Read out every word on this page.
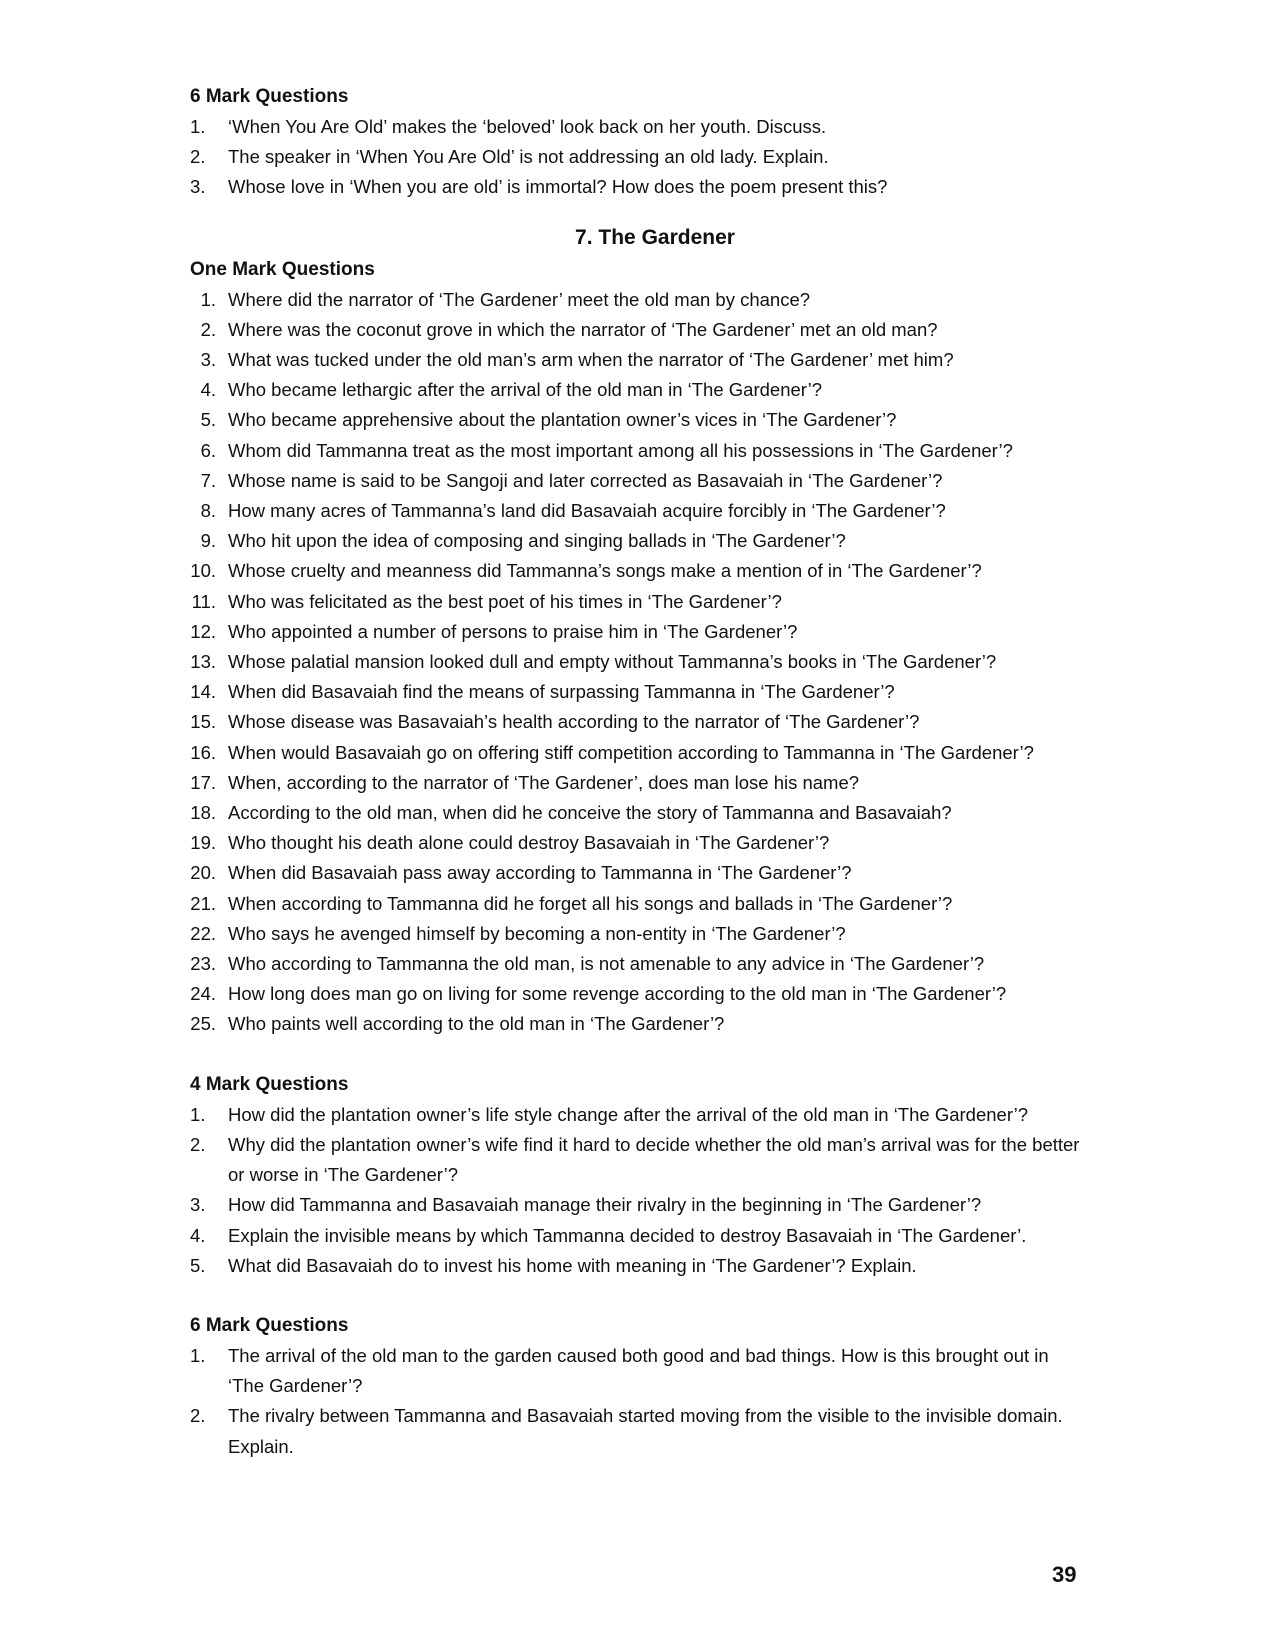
6 Mark Questions
1.	‘When You Are Old’ makes the ‘beloved’ look back on her youth. Discuss.
2.	The speaker in ‘When You Are Old’ is not addressing an old lady. Explain.
3.	Whose love in ‘When you are old’ is immortal? How does the poem present this?
7. The Gardener
One Mark Questions
1. Where did the narrator of ‘The Gardener’ meet the old man by chance?
2. Where was the coconut grove in which the narrator of ‘The Gardener’ met an old man?
3. What was tucked under the old man’s arm when the narrator of ‘The Gardener’ met him?
4. Who became lethargic after the arrival of the old man in ‘The Gardener’?
5. Who became apprehensive about the plantation owner’s vices in ‘The Gardener’?
6. Whom did Tammanna treat as the most important among all his possessions in ‘The Gardener’?
7. Whose name is said to be Sangoji and later corrected as Basavaiah in ‘The Gardener’?
8. How many acres of Tammanna’s land did Basavaiah acquire forcibly in ‘The Gardener’?
9. Who hit upon the idea of composing and singing ballads in ‘The Gardener’?
10. Whose cruelty and meanness did Tammanna’s songs make a mention of in ‘The Gardener’?
11. Who was felicitated as the best poet of his times in ‘The Gardener’?
12. Who appointed a number of persons to praise him in ‘The Gardener’?
13. Whose palatial mansion looked dull and empty without Tammanna’s books in ‘The Gardener’?
14. When did Basavaiah find the means of surpassing Tammanna in ‘The Gardener’?
15. Whose disease was Basavaiah’s health according to the narrator of ‘The Gardener’?
16. When would Basavaiah go on offering stiff competition according to Tammanna in ‘The Gardener’?
17. When, according to the narrator of ‘The Gardener’, does man lose his name?
18. According to the old man, when did he conceive the story of Tammanna and Basavaiah?
19. Who thought his death alone could destroy Basavaiah in ‘The Gardener’?
20. When did Basavaiah pass away according to Tammanna in ‘The Gardener’?
21. When according to Tammanna did he forget all his songs and ballads in ‘The Gardener’?
22. Who says he avenged himself by becoming a non-entity in ‘The Gardener’?
23. Who according to Tammanna the old man, is not amenable to any advice in ‘The Gardener’?
24. How long does man go on living for some revenge according to the old man in ‘The Gardener’?
25. Who paints well according to the old man in ‘The Gardener’?
4 Mark Questions
1.	How did the plantation owner’s life style change after the arrival of the old man in ‘The Gardener’?
2.	Why did the plantation owner’s wife find it hard to decide whether the old man’s arrival was for the better or worse in ‘The Gardener’?
3.	How did Tammanna and Basavaiah manage their rivalry in the beginning in ‘The Gardener’?
4.	Explain the invisible means by which Tammanna decided to destroy Basavaiah in ‘The Gardener’.
5.	What did Basavaiah do to invest his home with meaning in ‘The Gardener’? Explain.
6 Mark Questions
1.	The arrival of the old man to the garden caused both good and bad things. How is this brought out in ‘The Gardener’?
2.	The rivalry between Tammanna and Basavaiah started moving from the visible to the invisible domain. Explain.
39
